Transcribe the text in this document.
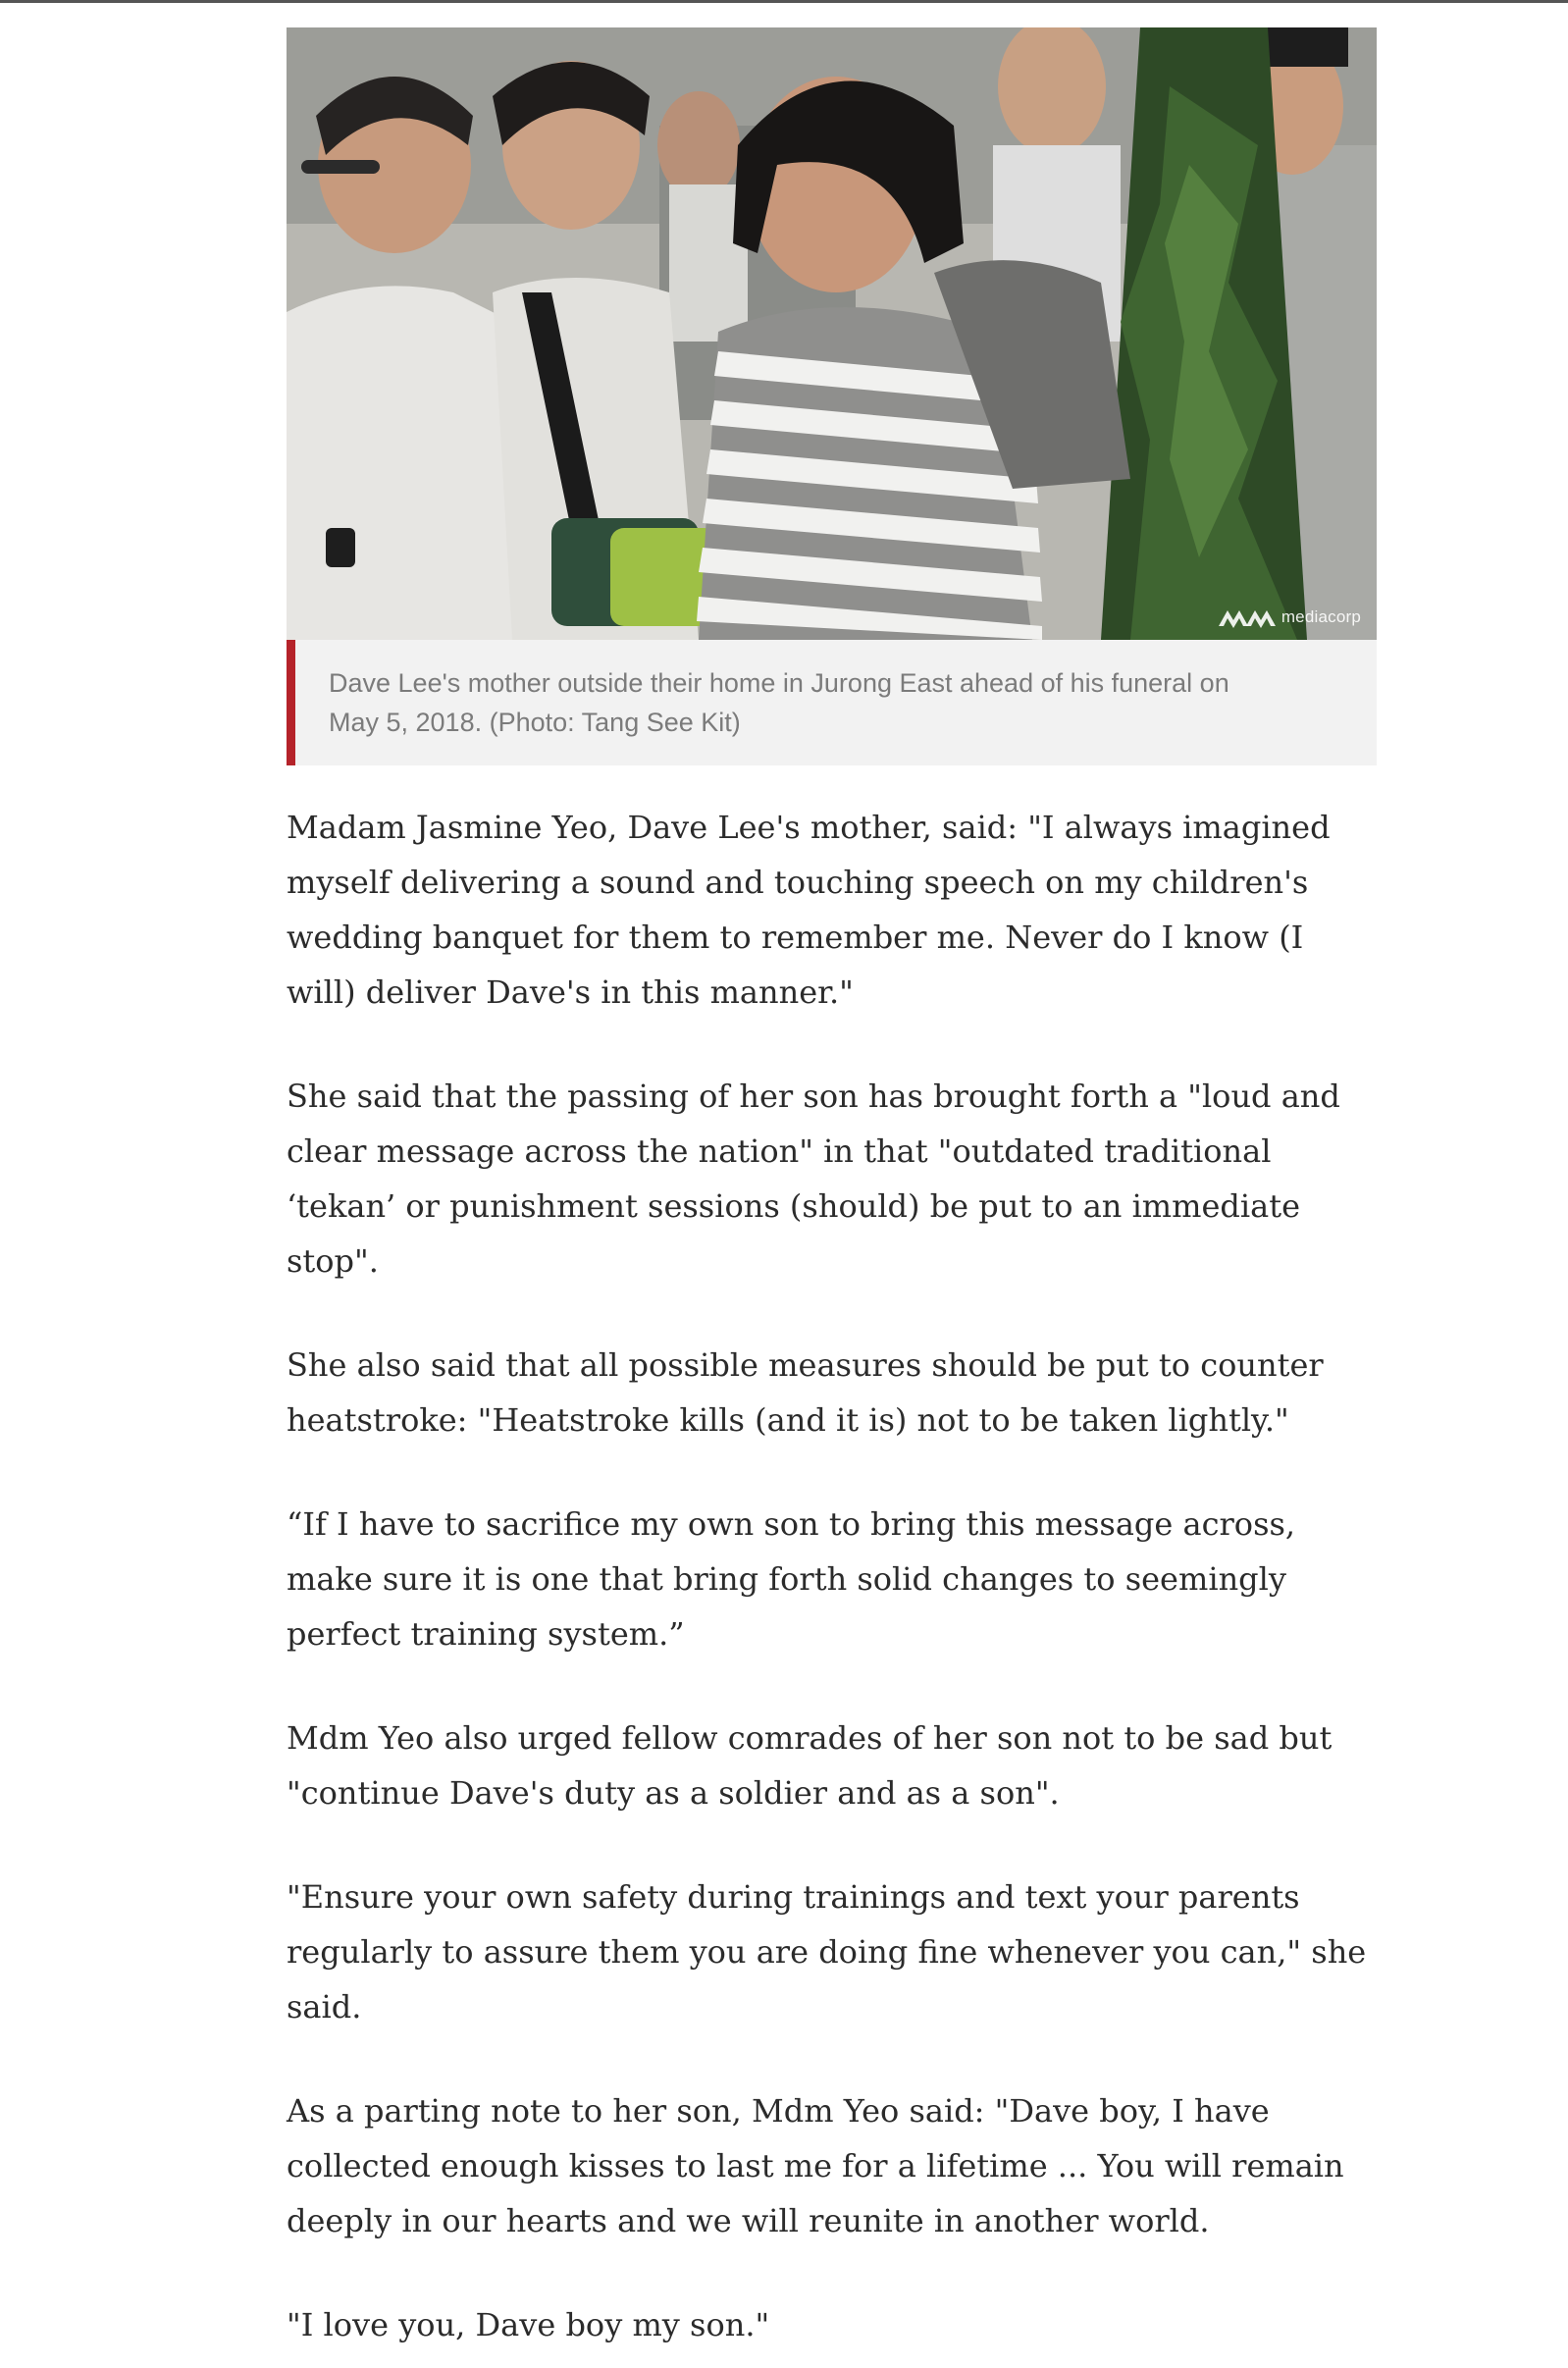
mediacorp
Dave Lee's mother outside their home in Jurong East ahead of his funeral on May 5, 2018. (Photo: Tang See Kit)

Madam Jasmine Yeo, Dave Lee's mother, said: "I always imagined myself delivering a sound and touching speech on my children's wedding banquet for them to remember me. Never do I know (I will) deliver Dave's in this manner."

She said that the passing of her son has brought forth a "loud and clear message across the nation" in that "outdated traditional ‘tekan’ or punishment sessions (should) be put to an immediate stop".

She also said that all possible measures should be put to counter heatstroke: "Heatstroke kills (and it is) not to be taken lightly."

“If I have to sacrifice my own son to bring this message across, make sure it is one that bring forth solid changes to seemingly perfect training system.”

Mdm Yeo also urged fellow comrades of her son not to be sad but "continue Dave's duty as a soldier and as a son".

"Ensure your own safety during trainings and text your parents regularly to assure them you are doing fine whenever you can," she said.

As a parting note to her son, Mdm Yeo said: "Dave boy, I have collected enough kisses to last me for a lifetime ... You will remain deeply in our hearts and we will reunite in another world.

"I love you, Dave boy my son."
